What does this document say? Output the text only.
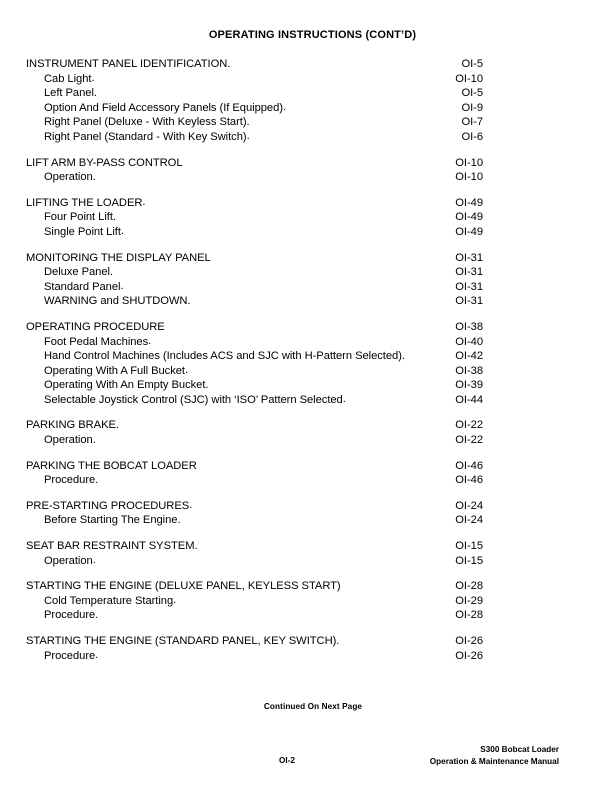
OPERATING INSTRUCTIONS (CONT’D)
INSTRUMENT PANEL IDENTIFICATION .	OI-5
Cab Light .	OI-10
Left Panel .	OI-5
Option And Field Accessory Panels (If Equipped) .	OI-9
Right Panel (Deluxe - With Keyless Start) .	OI-7
Right Panel (Standard - With Key Switch) .	OI-6
LIFT ARM BY-PASS CONTROL	OI-10
Operation .	OI-10
LIFTING THE LOADER .	OI-49
Four Point Lift .	OI-49
Single Point Lift .	OI-49
MONITORING THE DISPLAY PANEL	OI-31
Deluxe Panel .	OI-31
Standard Panel .	OI-31
WARNING and SHUTDOWN .	OI-31
OPERATING PROCEDURE	OI-38
Foot Pedal Machines .	OI-40
Hand Control Machines (Includes ACS and SJC with H-Pattern Selected) .	OI-42
Operating With A Full Bucket .	OI-38
Operating With An Empty Bucket .	OI-39
Selectable Joystick Control (SJC) with ‘ISO’ Pattern Selected .	OI-44
PARKING BRAKE .	OI-22
Operation .	OI-22
PARKING THE BOBCAT LOADER	OI-46
Procedure .	OI-46
PRE-STARTING PROCEDURES .	OI-24
Before Starting The Engine .	OI-24
SEAT BAR RESTRAINT SYSTEM .	OI-15
Operation .	OI-15
STARTING THE ENGINE (DELUXE PANEL, KEYLESS START)	OI-28
Cold Temperature Starting .	OI-29
Procedure .	OI-28
STARTING THE ENGINE (STANDARD PANEL, KEY SWITCH) .	OI-26
Procedure .	OI-26
Continued On Next Page
OI-2
S300 Bobcat Loader
Operation & Maintenance Manual
